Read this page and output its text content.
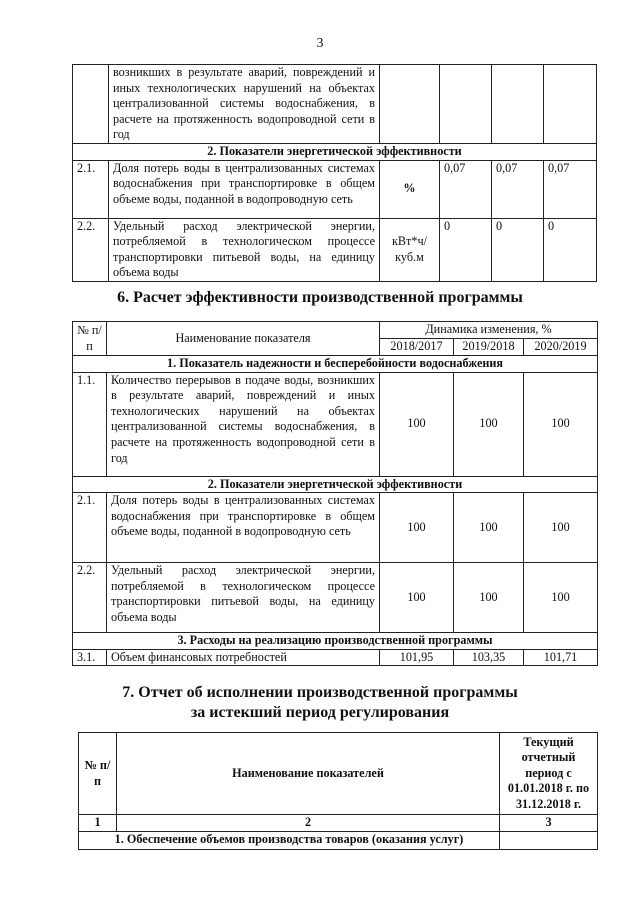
3
	возникших в результате аварий, повреждений и иных технологических нарушений на объектах централизованной системы водоснабжения, в расчете на протяженность водопроводной сети в год				
2. Показатели энергетической эффективности					
2.1.	Доля потерь воды в централизованных системах водоснабжения при транспортировке в общем объеме воды, поданной в водопроводную сеть	%	0,07	0,07	0,07
2.2.	Удельный расход электрической энергии, потребляемой в технологическом процессе транспортировки питьевой воды, на единицу объема воды	кВт*ч/ куб.м	0	0	0
6. Расчет эффективности производственной программы
№ п/п	Наименование показателя	Динамика изменения, %		
		2018/2017	2019/2018	2020/2019
1. Показатель надежности и бесперебойности водоснабжения				
1.1.	Количество перерывов в подаче воды, возникших в результате аварий, повреждений и иных технологических нарушений на объектах централизованной системы водоснабжения, в расчете на протяженность водопроводной сети в год	100	100	100
2. Показатели энергетической эффективности				
2.1.	Доля потерь воды в централизованных системах водоснабжения при транспортировке в общем объеме воды, поданной в водопроводную сеть	100	100	100
2.2.	Удельный расход электрической энергии, потребляемой в технологическом процессе транспортировки питьевой воды, на единицу объема воды	100	100	100
3. Расходы на реализацию производственной программы				
3.1.	Объем финансовых потребностей	101,95	103,35	101,71
7. Отчет об исполнении производственной программы
за истекший период регулирования
№ п/п	Наименование показателей	Текущий отчетный период с 01.01.2018 г. по 31.12.2018 г.
1	2	3
1. Обеспечение объемов производства товаров (оказания услуг)		
